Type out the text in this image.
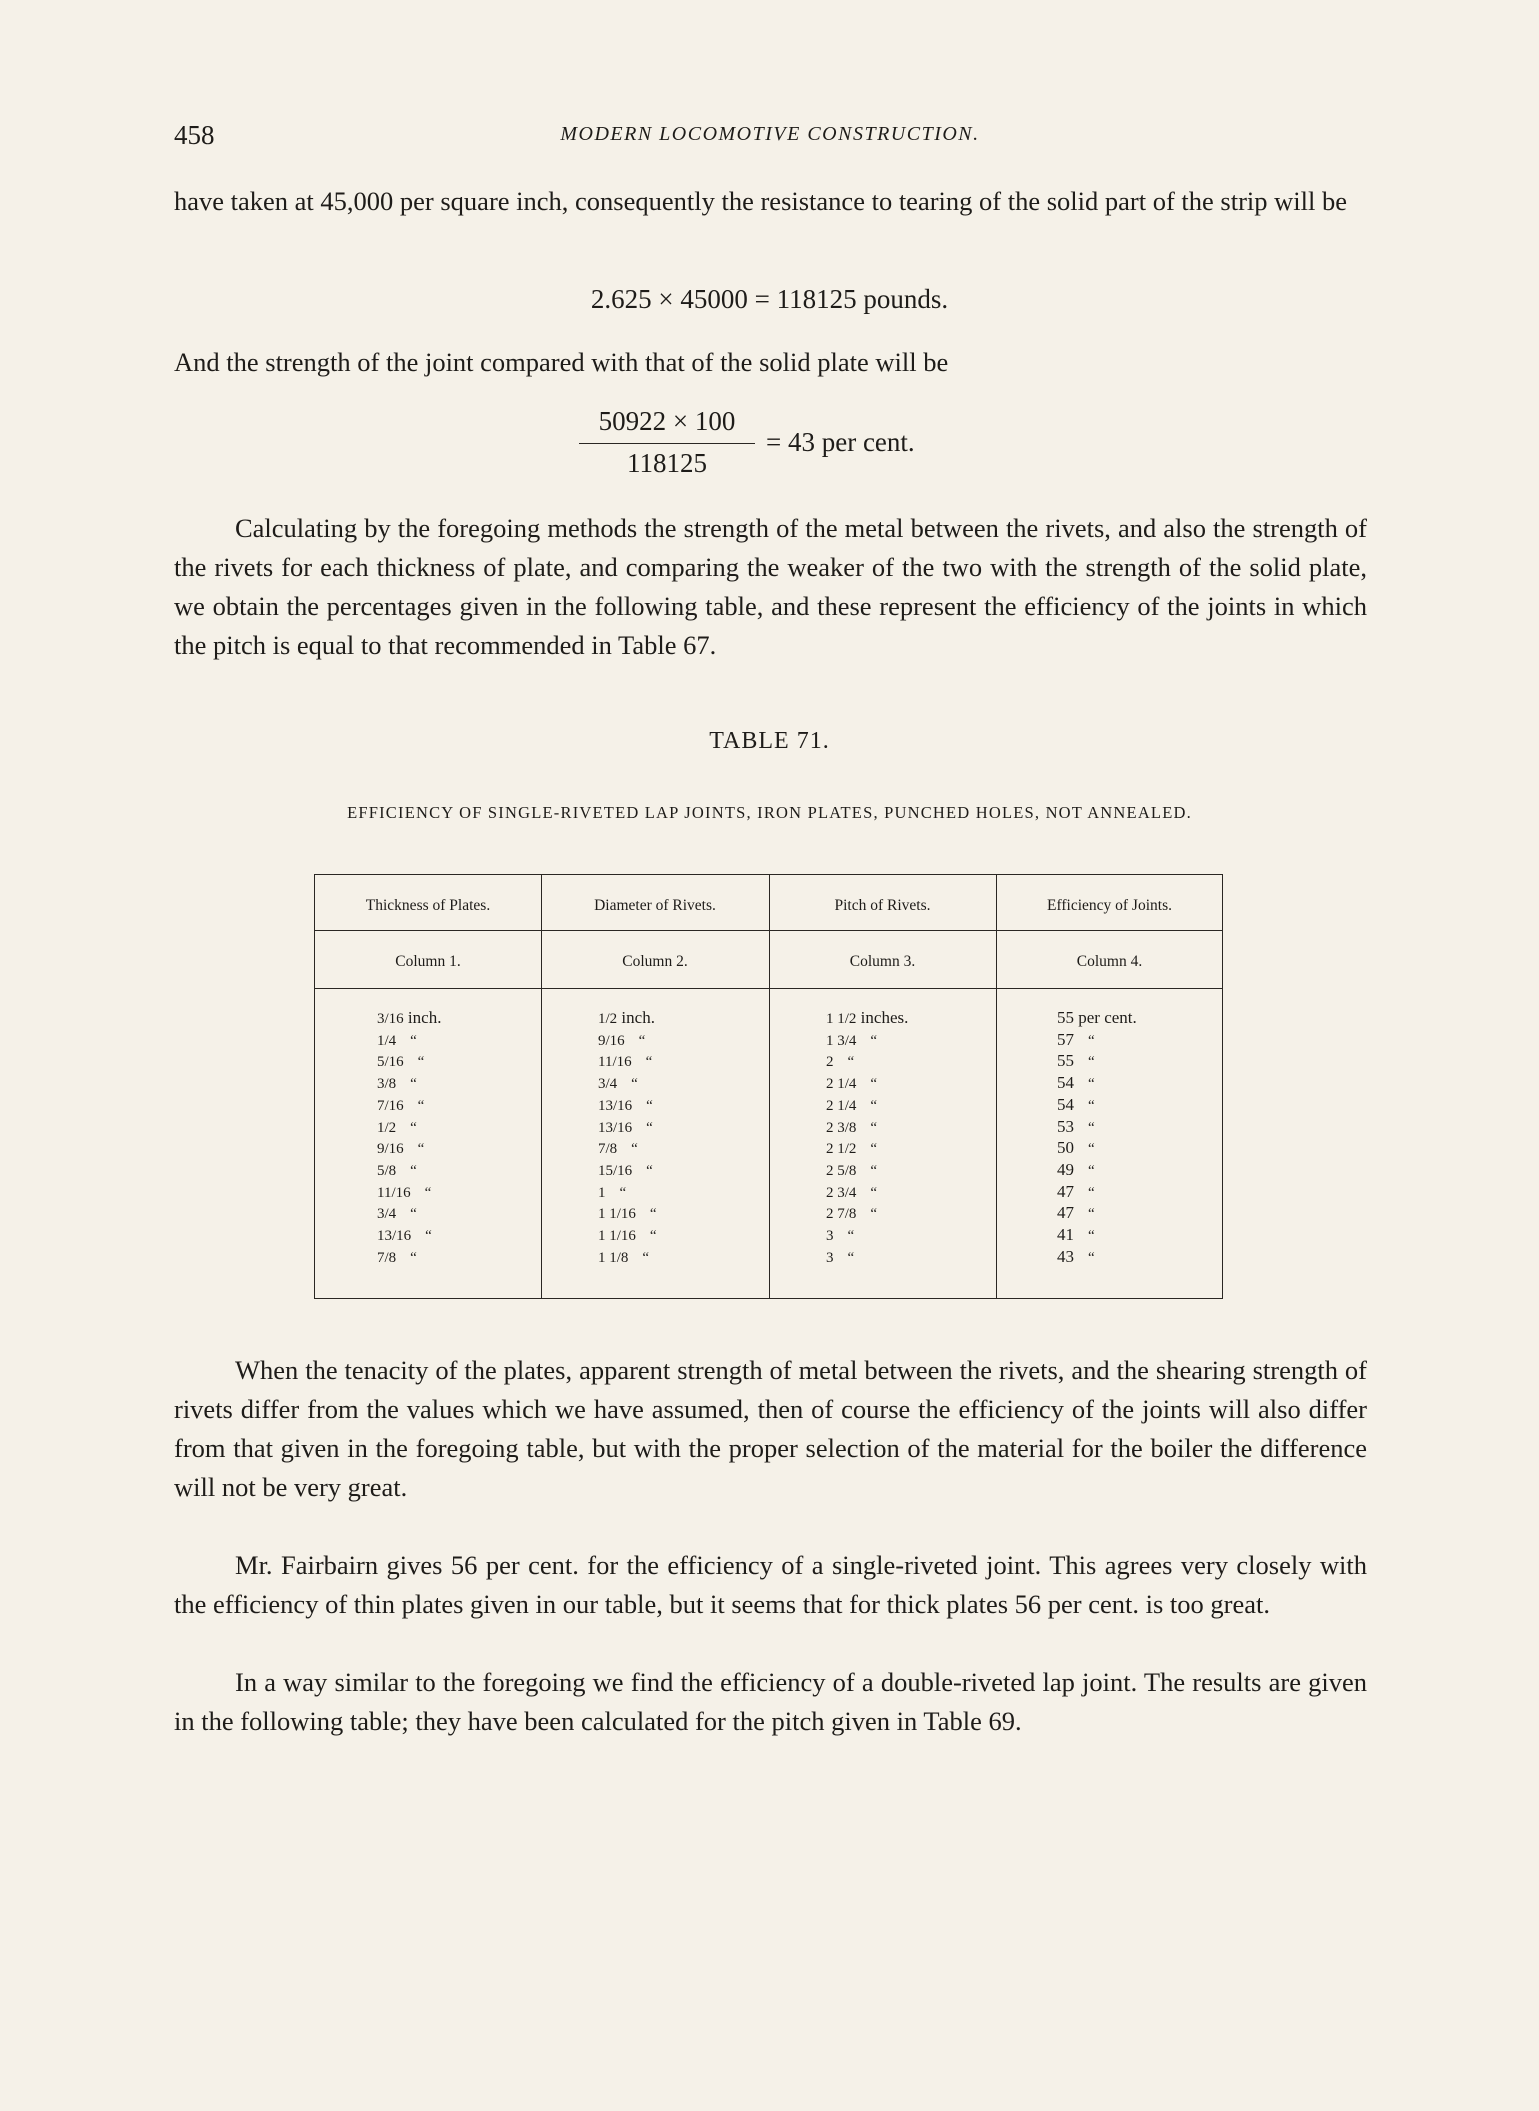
458	MODERN LOCOMOTIVE CONSTRUCTION.

have taken at 45,000 per square inch, consequently the resistance to tearing of the solid part of the strip will be

2.625 × 45000 = 118125 pounds.

And the strength of the joint compared with that of the solid plate will be

50922 × 100
118125
= 43 per cent.

Calculating by the foregoing methods the strength of the metal between the rivets, and also the strength of the rivets for each thickness of plate, and comparing the weaker of the two with the strength of the solid plate, we obtain the percentages given in the following table, and these represent the efficiency of the joints in which the pitch is equal to that recommended in Table 67.

TABLE 71.
EFFICIENCY OF SINGLE-RIVETED LAP JOINTS, IRON PLATES, PUNCHED HOLES, NOT ANNEALED.
Thickness of Plates.	Diameter of Rivets.	Pitch of Rivets.	Efficiency of Joints.
Column 1.	Column 2.	Column 3.	Column 4.
3/16 inch.	1/2 inch.	1 1/2 inches.	55 per cent.
1/4 “	9/16 “	1 3/4 “	57 “
5/16 “	11/16 “	2 “	55 “
3/8 “	3/4 “	2 1/4 “	54 “
7/16 “	13/16 “	2 1/4 “	54 “
1/2 “	13/16 “	2 3/8 “	53 “
9/16 “	7/8 “	2 1/2 “	50 “
5/8 “	15/16 “	2 5/8 “	49 “
11/16 “	1 “	2 3/4 “	47 “
3/4 “	1 1/16 “	2 7/8 “	47 “
13/16 “	1 1/16 “	3 “	41 “
7/8 “	1 1/8 “	3 “	43 “

When the tenacity of the plates, apparent strength of metal between the rivets, and the shearing strength of rivets differ from the values which we have assumed, then of course the efficiency of the joints will also differ from that given in the foregoing table, but with the proper selection of the material for the boiler the difference will not be very great.

Mr. Fairbairn gives 56 per cent. for the efficiency of a single-riveted joint. This agrees very closely with the efficiency of thin plates given in our table, but it seems that for thick plates 56 per cent. is too great.

In a way similar to the foregoing we find the efficiency of a double-riveted lap joint. The results are given in the following table; they have been calculated for the pitch given in Table 69.
